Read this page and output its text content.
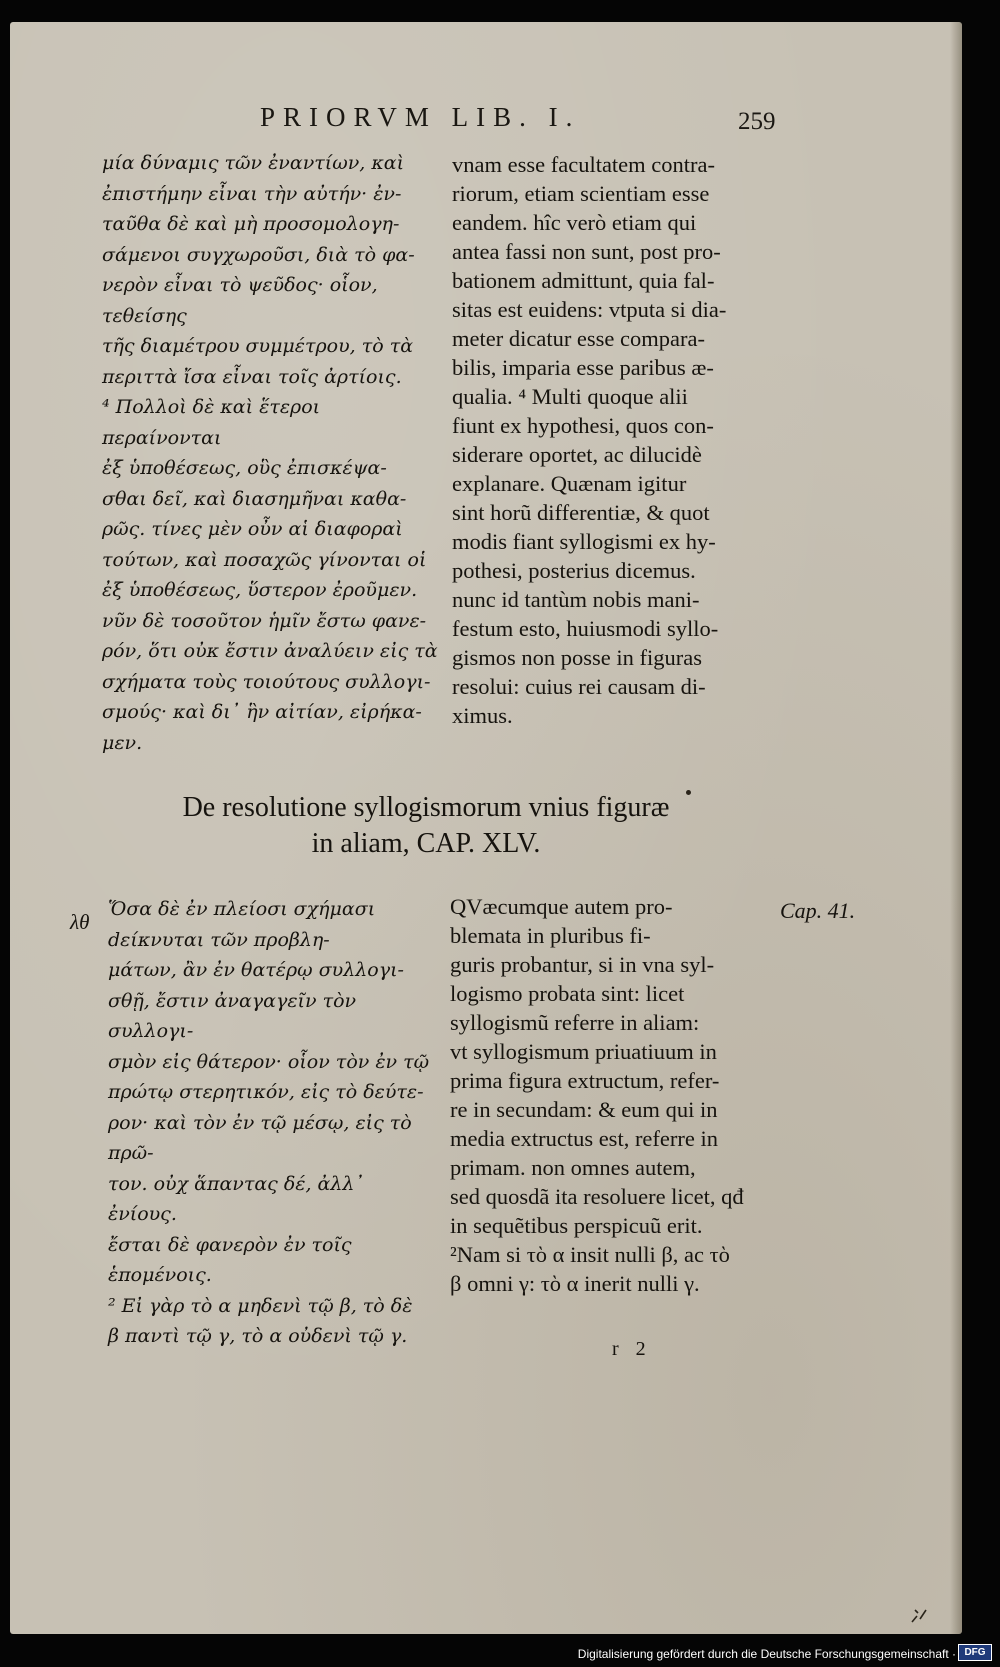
PRIORVM LIB. I.	259
μία δύναμις τῶν ἐναντίων, καὶ
ἐπιστήμην εἶναι τὴν αὐτήν· ἐν-
ταῦθα δὲ καὶ μὴ προσομολογη-
σάμενοι συγχωροῦσι, διὰ τὸ φα-
νερὸν εἶναι τὸ ψεῦδος· οἷον, τεθείσης
τῆς διαμέτρου συμμέτρου, τὸ τὰ
περιττὰ ἴσα εἶναι τοῖς ἀρτίοις.
⁴ Πολλοὶ δὲ καὶ ἕτεροι περαίνονται
ἐξ ὑποθέσεως, οὓς ἐπισκέψα-
σθαι δεῖ, καὶ διασημῆναι καθα-
ρῶς. τίνες μὲν οὖν αἱ διαφοραὶ
τούτων, καὶ ποσαχῶς γίνονται οἱ
ἐξ ὑποθέσεως, ὕστερον ἐροῦμεν.
νῦν δὲ τοσοῦτον ἡμῖν ἔστω φανε-
ρόν, ὅτι οὐκ ἔστιν ἀναλύειν εἰς τὰ
σχήματα τοὺς τοιούτους συλλογι-
σμούς· καὶ δι᾽ ἣν αἰτίαν, εἰρήκα-
μεν.
vnam esse facultatem contra-
riorum, etiam scientiam esse
eandem. hîc verò etiam qui
antea fassi non sunt, post pro-
bationem admittunt, quia fal-
sitas est euidens: vtputa si dia-
meter dicatur esse compara-
bilis, imparia esse paribus æ-
qualia. ⁴ Multi quoque alii
fiunt ex hypothesi, quos con-
siderare oportet, ac dilucidè
explanare. Quænam igitur
sint horũ differentiæ, & quot
modis fiant syllogismi ex hy-
pothesi, posterius dicemus.
nunc id tantùm nobis mani-
festum esto, huiusmodi syllo-
gismos non posse in figuras
resolui: cuius rei causam di-
ximus.
De resolutione syllogismorum vnius figuræ
in aliam, CAP. XLV.
λθ	Cap. 41.
Ὅσα δὲ ἐν πλείοσι σχήμασι
dείκνυται τῶν προβλη-
μάτων, ἂν ἐν θατέρῳ συλλογι-
σθῇ, ἔστιν ἀναγαγεῖν τὸν συλλογι-
σμὸν εἰς θάτερον· οἷον τὸν ἐν τῷ
πρώτῳ στερητικόν, εἰς τὸ δεύτε-
ρον· καὶ τὸν ἐν τῷ μέσῳ, εἰς τὸ πρῶ-
τον. οὐχ ἅπαντας δέ, ἀλλ᾽ ἐνίους.
ἔσται δὲ φανερὸν ἐν τοῖς ἑπομένοις.
² Εἰ γὰρ τὸ α μηδενὶ τῷ β, τὸ δὲ
β παντὶ τῷ γ, τὸ α οὐδενὶ τῷ γ.
QVæcumque autem pro-
blemata in pluribus fi-
guris probantur, si in vna syl-
logismo probata sint: licet
syllogismũ referre in aliam:
vt syllogismum priuatiuum in
prima figura extructum, refer-
re in secundam: & eum qui in
media extructus est, referre in
primam. non omnes autem,
sed quosdã ita resoluere licet, qđ
in sequẽtibus perspicuũ erit.
²Nam si τὸ α insit nulli β, ac τὸ
β omni γ: τὸ α inerit nulli γ.
r 2
Digitalisierung gefördert durch die Deutsche Forschungsgemeinschaft · DFG
